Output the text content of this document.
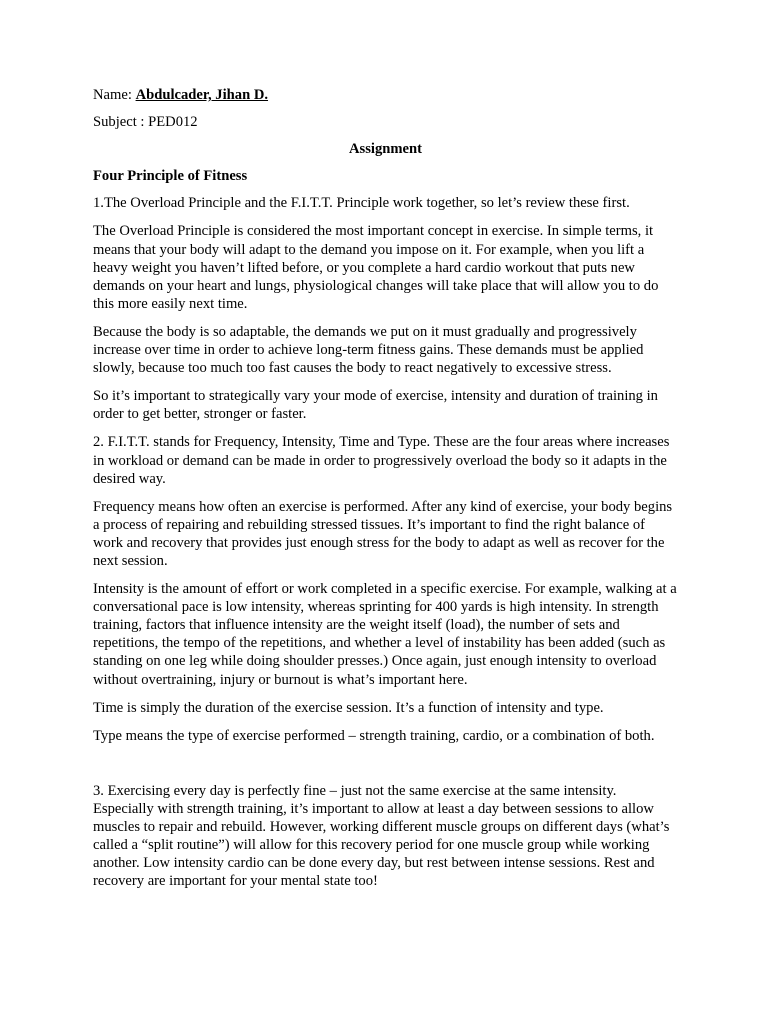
Name: Abdulcader, Jihan D.
Subject : PED012
Assignment
Four Principle of Fitness

1.The Overload Principle and the F.I.T.T. Principle work together, so let’s review these first.

The Overload Principle is considered the most important concept in exercise. In simple terms, it means that your body will adapt to the demand you impose on it. For example, when you lift a heavy weight you haven’t lifted before, or you complete a hard cardio workout that puts new demands on your heart and lungs, physiological changes will take place that will allow you to do this more easily next time.

Because the body is so adaptable, the demands we put on it must gradually and progressively increase over time in order to achieve long-term fitness gains. These demands must be applied slowly, because too much too fast causes the body to react negatively to excessive stress.

So it’s important to strategically vary your mode of exercise, intensity and duration of training in order to get better, stronger or faster.

2. F.I.T.T. stands for Frequency, Intensity, Time and Type. These are the four areas where increases in workload or demand can be made in order to progressively overload the body so it adapts in the desired way.

Frequency means how often an exercise is performed. After any kind of exercise, your body begins a process of repairing and rebuilding stressed tissues. It’s important to find the right balance of work and recovery that provides just enough stress for the body to adapt as well as recover for the next session.

Intensity is the amount of effort or work completed in a specific exercise. For example, walking at a conversational pace is low intensity, whereas sprinting for 400 yards is high intensity. In strength training, factors that influence intensity are the weight itself (load), the number of sets and repetitions, the tempo of the repetitions, and whether a level of instability has been added (such as standing on one leg while doing shoulder presses.) Once again, just enough intensity to overload without overtraining, injury or burnout is what’s important here.

Time is simply the duration of the exercise session. It’s a function of intensity and type.

Type means the type of exercise performed – strength training, cardio, or a combination of both.

3. Exercising every day is perfectly fine – just not the same exercise at the same intensity. Especially with strength training, it’s important to allow at least a day between sessions to allow muscles to repair and rebuild. However, working different muscle groups on different days (what’s called a “split routine”) will allow for this recovery period for one muscle group while working another. Low intensity cardio can be done every day, but rest between intense sessions. Rest and recovery are important for your mental state too!
